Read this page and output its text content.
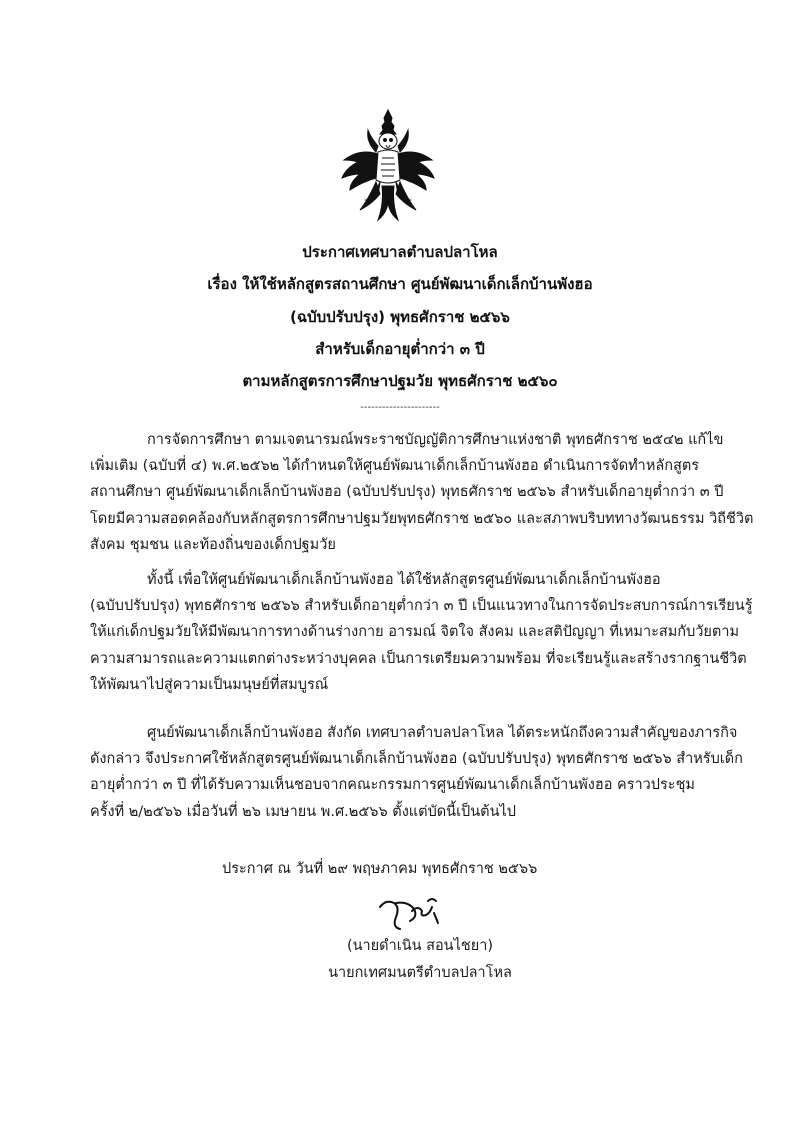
ประกาศเทศบาลตำบลปลาโหล
เรื่อง ให้ใช้หลักสูตรสถานศึกษา ศูนย์พัฒนาเด็กเล็กบ้านพังฮอ
(ฉบับปรับปรุง) พุทธศักราช ๒๕๖๖
สำหรับเด็กอายุต่ำกว่า ๓ ปี
ตามหลักสูตรการศึกษาปฐมวัย พุทธศักราช ๒๕๖๐
----------------------
การจัดการศึกษา ตามเจตนารมณ์พระราชบัญญัติการศึกษาแห่งชาติ พุทธศักราช ๒๕๔๒ แก้ไข
เพิ่มเติม (ฉบับที่ ๔) พ.ศ.๒๕๖๒ ได้กำหนดให้ศูนย์พัฒนาเด็กเล็กบ้านพังฮอ ดำเนินการจัดทำหลักสูตร
สถานศึกษา ศูนย์พัฒนาเด็กเล็กบ้านพังฮอ (ฉบับปรับปรุง) พุทธศักราช ๒๕๖๖ สำหรับเด็กอายุต่ำกว่า ๓ ปี
โดยมีความสอดคล้องกับหลักสูตรการศึกษาปฐมวัยพุทธศักราช ๒๕๖๐ และสภาพบริบททางวัฒนธรรม วิถีชีวิต
สังคม ชุมชน และท้องถิ่นของเด็กปฐมวัย
ทั้งนี้ เพื่อให้ศูนย์พัฒนาเด็กเล็กบ้านพังฮอ ได้ใช้หลักสูตรศูนย์พัฒนาเด็กเล็กบ้านพังฮอ
(ฉบับปรับปรุง) พุทธศักราช ๒๕๖๖ สำหรับเด็กอายุต่ำกว่า ๓ ปี เป็นแนวทางในการจัดประสบการณ์การเรียนรู้
ให้แก่เด็กปฐมวัยให้มีพัฒนาการทางด้านร่างกาย อารมณ์ จิตใจ สังคม และสติปัญญา ที่เหมาะสมกับวัยตาม
ความสามารถและความแตกต่างระหว่างบุคคล เป็นการเตรียมความพร้อม ที่จะเรียนรู้และสร้างรากฐานชีวิต
ให้พัฒนาไปสู่ความเป็นมนุษย์ที่สมบูรณ์
ศูนย์พัฒนาเด็กเล็กบ้านพังฮอ สังกัด เทศบาลตำบลปลาโหล ได้ตระหนักถึงความสำคัญของภารกิจ
ดังกล่าว จึงประกาศใช้หลักสูตรศูนย์พัฒนาเด็กเล็กบ้านพังฮอ (ฉบับปรับปรุง) พุทธศักราช ๒๕๖๖ สำหรับเด็ก
อายุต่ำกว่า ๓ ปี ที่ได้รับความเห็นชอบจากคณะกรรมการศูนย์พัฒนาเด็กเล็กบ้านพังฮอ คราวประชุม
ครั้งที่ ๒/๒๕๖๖ เมื่อวันที่ ๒๖ เมษายน พ.ศ.๒๕๖๖ ตั้งแต่บัดนี้เป็นต้นไป
ประกาศ ณ วันที่ ๒๙ พฤษภาคม พุทธศักราช ๒๕๖๖
(นายดำเนิน สอนไชยา)
นายกเทศมนตรีตำบลปลาโหล
